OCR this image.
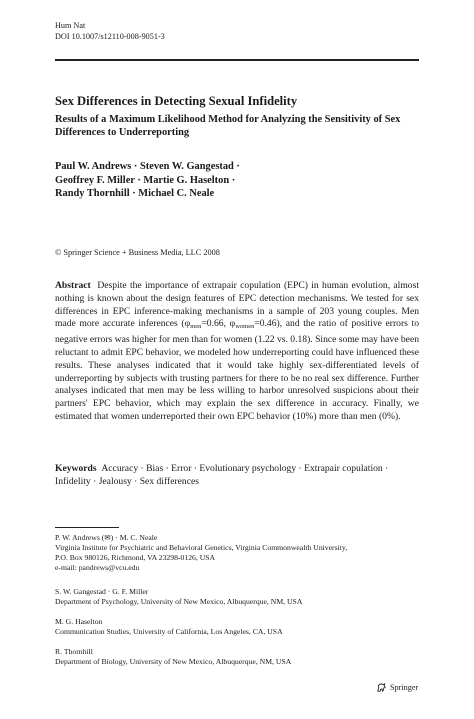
Hum Nat
DOI 10.1007/s12110-008-9051-3
Sex Differences in Detecting Sexual Infidelity
Results of a Maximum Likelihood Method for Analyzing the Sensitivity of Sex Differences to Underreporting
Paul W. Andrews · Steven W. Gangestad ·
Geoffrey F. Miller · Martie G. Haselton ·
Randy Thornhill · Michael C. Neale
© Springer Science + Business Media, LLC 2008
Abstract Despite the importance of extrapair copulation (EPC) in human evolution, almost nothing is known about the design features of EPC detection mechanisms. We tested for sex differences in EPC inference-making mechanisms in a sample of 203 young couples. Men made more accurate inferences ($\varphi_{men}=0.66$, $\varphi_{women}=0.46$), and the ratio of positive errors to negative errors was higher for men than for women (1.22 vs. 0.18). Since some may have been reluctant to admit EPC behavior, we modeled how underreporting could have influenced these results. These analyses indicated that it would take highly sex-differentiated levels of underreporting by subjects with trusting partners for there to be no real sex difference. Further analyses indicated that men may be less willing to harbor unresolved suspicions about their partners' EPC behavior, which may explain the sex difference in accuracy. Finally, we estimated that women underreported their own EPC behavior (10%) more than men (0%).
Keywords Accuracy · Bias · Error · Evolutionary psychology · Extrapair copulation · Infidelity · Jealousy · Sex differences
P. W. Andrews (✉) · M. C. Neale
Virginia Institute for Psychiatric and Behavioral Genetics, Virginia Commonwealth University,
P.O. Box 980126, Richmond, VA 23298-0126, USA
e-mail: pandrews@vcu.edu
S. W. Gangestad · G. F. Miller
Department of Psychology, University of New Mexico, Albuquerque, NM, USA
M. G. Haselton
Communication Studies, University of California, Los Angeles, CA, USA
R. Thornhill
Department of Biology, University of New Mexico, Albuquerque, NM, USA
Springer
